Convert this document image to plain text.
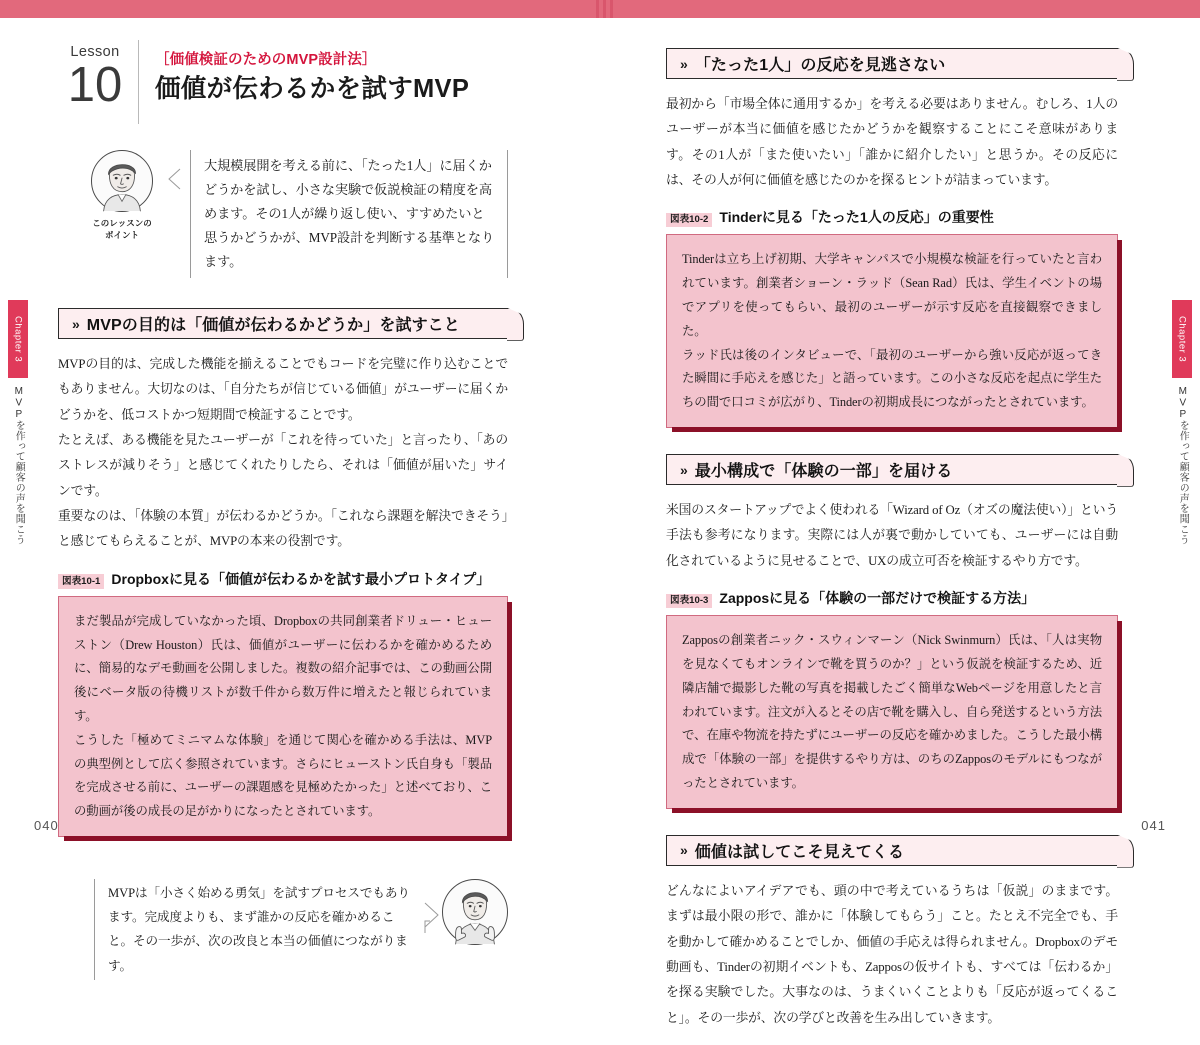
Chapter 3
MVPを作って顧客の声を聞こう
Chapter 3
MVPを作って顧客の声を聞こう
Lesson
10 ［価値検証のためのMVP設計法］
価値が伝わるかを試すMVP
このレッスンの
ポイント
大規模展開を考える前に、「たった1人」に届くかどうかを試し、小さな実験で仮説検証の精度を高めます。その1人が繰り返し使い、すすめたいと思うかどうかが、MVP設計を判断する基準となります。
» MVPの目的は「価値が伝わるかどうか」を試すこと

MVPの目的は、完成した機能を揃えることでもコードを完璧に作り込むことでもありません。大切なのは、「自分たちが信じている価値」がユーザーに届くかどうかを、低コストかつ短期間で検証することです。

たとえば、ある機能を見たユーザーが「これを待っていた」と言ったり、「あのストレスが減りそう」と感じてくれたりしたら、それは「価値が届いた」サインです。

重要なのは、「体験の本質」が伝わるかどうか。「これなら課題を解決できそう」と感じてもらえることが、MVPの本来の役割です。

図表10-1 Dropboxに見る「価値が伝わるかを試す最小プロトタイプ」

まだ製品が完成していなかった頃、Dropboxの共同創業者ドリュー・ヒューストン（Drew Houston）氏は、価値がユーザーに伝わるかを確かめるために、簡易的なデモ動画を公開しました。複数の紹介記事では、この動画公開後にベータ版の待機リストが数千件から数万件に増えたと報じられています。

こうした「極めてミニマムな体験」を通じて関心を確かめる手法は、MVPの典型例として広く参照されています。さらにヒューストン氏自身も「製品を完成させる前に、ユーザーの課題感を見極めたかった」と述べており、この動画が後の成長の足がかりになったとされています。

MVPは「小さく始める勇気」を試すプロセスでもあります。完成度よりも、まず誰かの反応を確かめること。その一歩が、次の改良と本当の価値につながります。
040
» 「たった1人」の反応を見逃さない

最初から「市場全体に通用するか」を考える必要はありません。むしろ、1人のユーザーが本当に価値を感じたかどうかを観察することにこそ意味があります。その1人が「また使いたい」「誰かに紹介したい」と思うか。その反応には、その人が何に価値を感じたのかを探るヒントが詰まっています。

図表10-2 Tinderに見る「たった1人の反応」の重要性

Tinderは立ち上げ初期、大学キャンパスで小規模な検証を行っていたと言われています。創業者ショーン・ラッド（Sean Rad）氏は、学生イベントの場でアプリを使ってもらい、最初のユーザーが示す反応を直接観察できました。

ラッド氏は後のインタビューで、「最初のユーザーから強い反応が返ってきた瞬間に手応えを感じた」と語っています。この小さな反応を起点に学生たちの間で口コミが広がり、Tinderの初期成長につながったとされています。

» 最小構成で「体験の一部」を届ける

米国のスタートアップでよく使われる「Wizard of Oz（オズの魔法使い）」という手法も参考になります。実際には人が裏で動かしていても、ユーザーには自動化されているように見せることで、UXの成立可否を検証するやり方です。

図表10-3 Zapposに見る「体験の一部だけで検証する方法」

Zapposの創業者ニック・スウィンマーン（Nick Swinmurn）氏は、「人は実物を見なくてもオンラインで靴を買うのか？」という仮説を検証するため、近隣店舗で撮影した靴の写真を掲載したごく簡単なWebページを用意したと言われています。注文が入るとその店で靴を購入し、自ら発送するという方法で、在庫や物流を持たずにユーザーの反応を確かめました。こうした最小構成で「体験の一部」を提供するやり方は、のちのZapposのモデルにもつながったとされています。

» 価値は試してこそ見えてくる

どんなによいアイデアでも、頭の中で考えているうちは「仮説」のままです。まずは最小限の形で、誰かに「体験してもらう」こと。たとえ不完全でも、手を動かして確かめることでしか、価値の手応えは得られません。Dropboxのデモ動画も、Tinderの初期イベントも、Zapposの仮サイトも、すべては「伝わるか」を探る実験でした。大事なのは、うまくいくことよりも「反応が返ってくること」。その一歩が、次の学びと改善を生み出していきます。

041
